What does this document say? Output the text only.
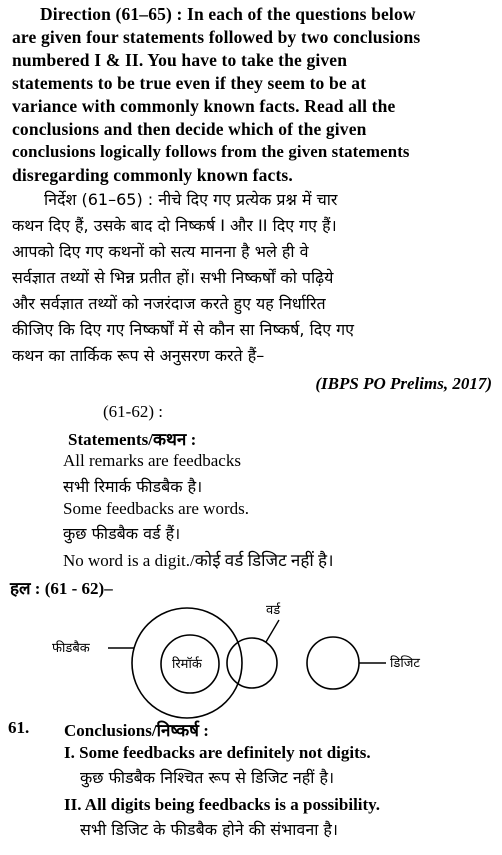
Direction (61–65) : In each of the questions below
are given four statements followed by two conclusions
numbered I & II. You have to take the given
statements to be true even if they seem to be at
variance with commonly known facts. Read all the
conclusions and then decide which of the given
conclusions logically follows from the given statements
disregarding commonly known facts.
निर्देश (61–65) : नीचे दिए गए प्रत्येक प्रश्न में चार
कथन दिए हैं, उसके बाद दो निष्कर्ष I और II दिए गए हैं।
आपको दिए गए कथनों को सत्य मानना है भले ही वे
सर्वज्ञात तथ्यों से भिन्न प्रतीत हों। सभी निष्कर्षों को पढ़िये
और सर्वज्ञात तथ्यों को नजरंदाज करते हुए यह निर्धारित
कीजिए कि दिए गए निष्कर्षों में से कौन सा निष्कर्ष, दिए गए
कथन का तार्किक रूप से अनुसरण करते हैं–
(IBPS PO Prelims, 2017)
(61-62) :
Statements/कथन :
All remarks are feedbacks
सभी रिमार्क फीडबैक है।
Some feedbacks are words.
कुछ फीडबैक वर्ड हैं।
No word is a digit./कोई वर्ड डिजिट नहीं है।
हल : (61 - 62)–
फीडबैक
रिमॉर्क
वर्ड
डिजिट
61. Conclusions/निष्कर्ष :
I. Some feedbacks are definitely not digits.
कुछ फीडबैक निश्चित रूप से डिजिट नहीं है।
II. All digits being feedbacks is a possibility.
सभी डिजिट के फीडबैक होने की संभावना है।
